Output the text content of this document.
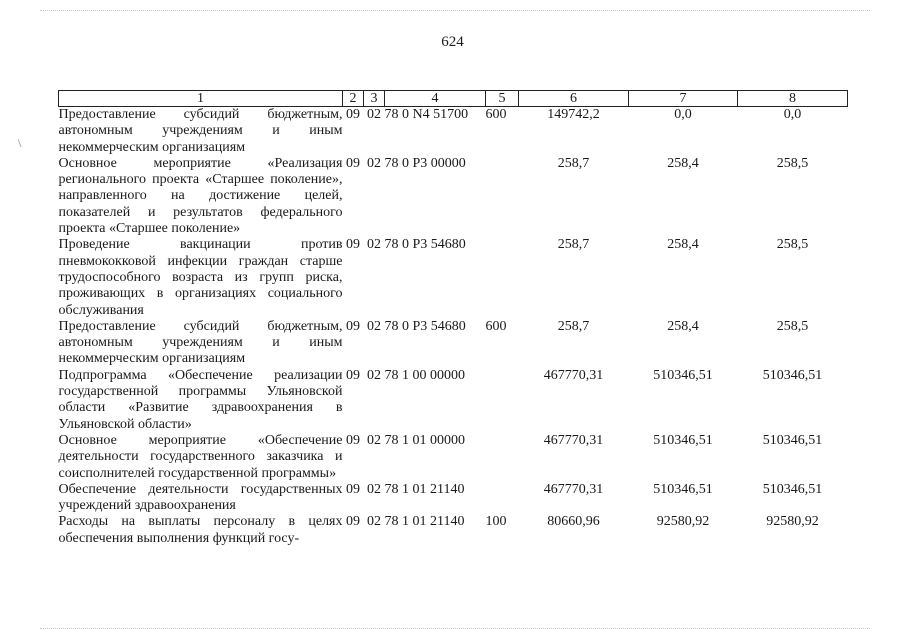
\
624
1	2	3	4	5	6	7	8
Предоставление субсидий бюджетным, автономным учреждениям и иным некоммерческим организациям	09	02	78 0 N4 51700	600	149742,2	0,0	0,0
Основное мероприятие «Реализация регионального проекта «Старшее поколение», направленного на достижение целей, показателей и результатов федерального проекта «Старшее поколение»	09	02	78 0 P3 00000		258,7	258,4	258,5
Проведение вакцинации против пневмококковой инфекции граждан старше трудоспособного возраста из групп риска, проживающих в организациях социального обслуживания	09	02	78 0 P3 54680		258,7	258,4	258,5
Предоставление субсидий бюджетным, автономным учреждениям и иным некоммерческим организациям	09	02	78 0 P3 54680	600	258,7	258,4	258,5
Подпрограмма «Обеспечение реализации государственной программы Ульяновской области «Развитие здравоохранения в Ульяновской области»	09	02	78 1 00 00000		467770,31	510346,51	510346,51
Основное мероприятие «Обеспечение деятельности государственного заказчика и соисполнителей государственной программы»	09	02	78 1 01 00000		467770,31	510346,51	510346,51
Обеспечение деятельности государственных учреждений здравоохранения	09	02	78 1 01 21140		467770,31	510346,51	510346,51
Расходы на выплаты персоналу в целях обеспечения выполнения функций госу-	09	02	78 1 01 21140	100	80660,96	92580,92	92580,92
